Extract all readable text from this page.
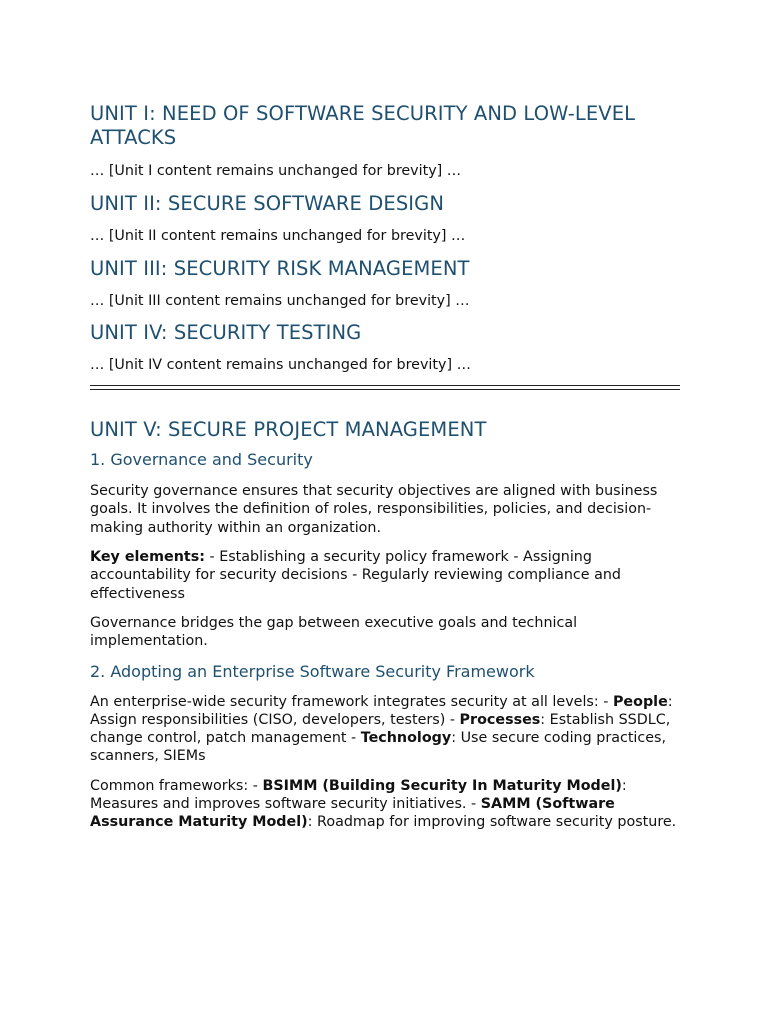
UNIT I: NEED OF SOFTWARE SECURITY AND LOW-LEVEL ATTACKS

… [Unit I content remains unchanged for brevity] …

UNIT II: SECURE SOFTWARE DESIGN

… [Unit II content remains unchanged for brevity] …

UNIT III: SECURITY RISK MANAGEMENT

… [Unit III content remains unchanged for brevity] …

UNIT IV: SECURITY TESTING

… [Unit IV content remains unchanged for brevity] …

UNIT V: SECURE PROJECT MANAGEMENT
1. Governance and Security

Security governance ensures that security objectives are aligned with business goals. It involves the definition of roles, responsibilities, policies, and decision-making authority within an organization.

Key elements: - Establishing a security policy framework - Assigning accountability for security decisions - Regularly reviewing compliance and effectiveness

Governance bridges the gap between executive goals and technical implementation.

2. Adopting an Enterprise Software Security Framework

An enterprise-wide security framework integrates security at all levels: - People: Assign responsibilities (CISO, developers, testers) - Processes: Establish SSDLC, change control, patch management - Technology: Use secure coding practices, scanners, SIEMs

Common frameworks: - BSIMM (Building Security In Maturity Model): Measures and improves software security initiatives. - SAMM (Software Assurance Maturity Model): Roadmap for improving software security posture.
